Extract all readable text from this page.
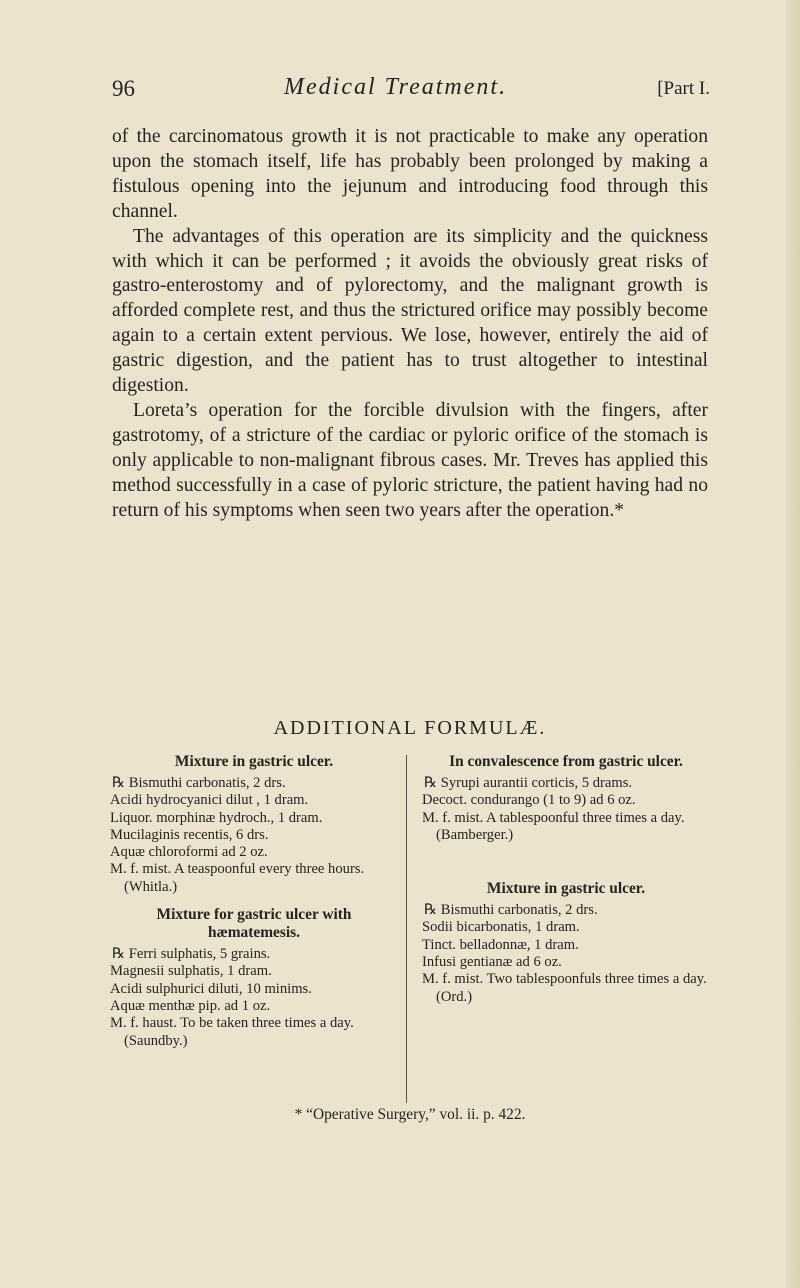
96	Medical Treatment.	[Part I.

of the carcinomatous growth it is not practicable to make any operation upon the stomach itself, life has probably been prolonged by making a fistulous opening into the jejunum and introducing food through this channel.

The advantages of this operation are its simplicity and the quickness with which it can be performed ; it avoids the obviously great risks of gastro-enterostomy and of pylorectomy, and the malignant growth is afforded complete rest, and thus the strictured orifice may possibly become again to a certain extent pervious. We lose, however, entirely the aid of gastric digestion, and the patient has to trust altogether to intestinal digestion.

Loreta’s operation for the forcible divulsion with the fingers, after gastrotomy, of a stricture of the cardiac or pyloric orifice of the stomach is only applicable to non-malignant fibrous cases. Mr. Treves has applied this method successfully in a case of pyloric stricture, the patient having had no return of his symptoms when seen two years after the operation.*

ADDITIONAL FORMULÆ.
Mixture in gastric ulcer.
℞ Bismuthi carbonatis, 2 drs.
Acidi hydrocyanici dilut , 1 dram.
Liquor. morphinæ hydroch., 1 dram.
Mucilaginis recentis, 6 drs.
Aquæ chloroformi ad 2 oz.
M. f. mist. A teaspoonful every three hours. (Whitla.)
Mixture for gastric ulcer with hæmatemesis.
℞ Ferri sulphatis, 5 grains.
Magnesii sulphatis, 1 dram.
Acidi sulphurici diluti, 10 minims.
Aquæ menthæ pip. ad 1 oz.
M. f. haust. To be taken three times a day. (Saundby.)
In convalescence from gastric ulcer.
℞ Syrupi aurantii corticis, 5 drams.
Decoct. condurango (1 to 9) ad 6 oz.
M. f. mist. A tablespoonful three times a day. (Bamberger.)
Mixture in gastric ulcer.
℞ Bismuthi carbonatis, 2 drs.
Sodii bicarbonatis, 1 dram.
Tinct. belladonnæ, 1 dram.
Infusi gentianæ ad 6 oz.
M. f. mist. Two tablespoonfuls three times a day. (Ord.)
* “Operative Surgery,” vol. ii. p. 422.
